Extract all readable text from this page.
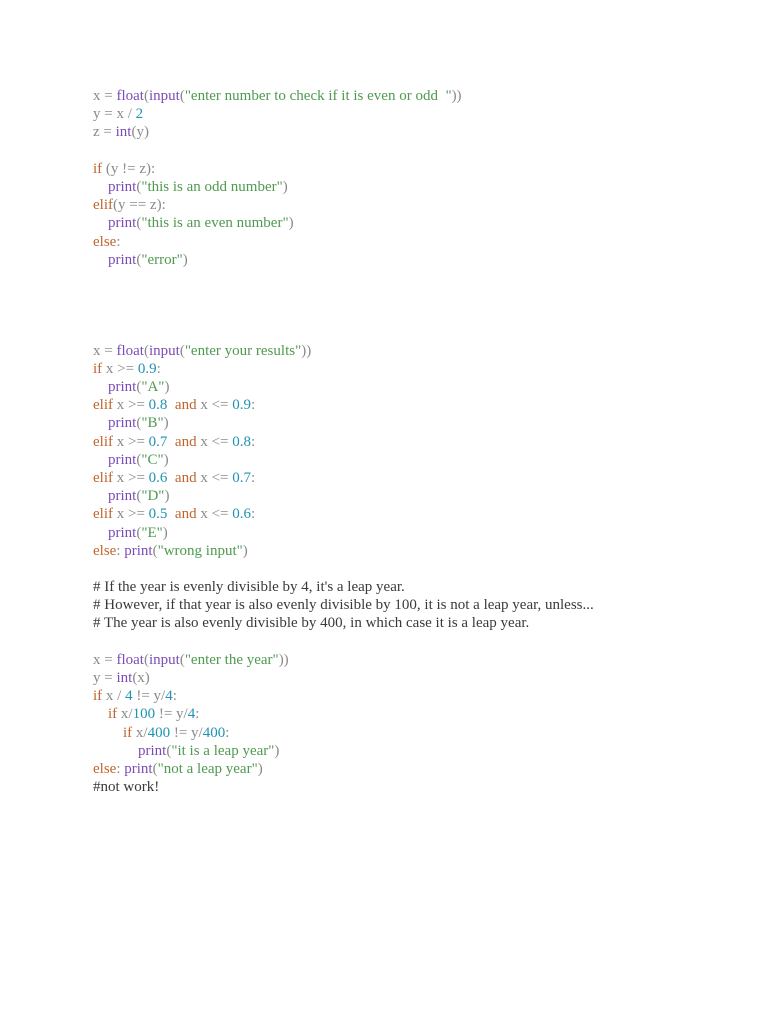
x = float(input("enter number to check if it is even or odd  "))
y = x / 2
z = int(y)
if (y != z):
print("this is an odd number")
elif(y == z):
print("this is an even number")
else:
print("error")
x = float(input("enter your results"))
if x >= 0.9:
print("A")
elif x >= 0.8 and x <= 0.9:
print("B")
elif x >= 0.7 and x <= 0.8:
print("C")
elif x >= 0.6 and x <= 0.7:
print("D")
elif x >= 0.5 and x <= 0.6:
print("E")
else: print("wrong input")
# If the year is evenly divisible by 4, it's a leap year.
# However, if that year is also evenly divisible by 100, it is not a leap year, unless...
# The year is also evenly divisible by 400, in which case it is a leap year.
x = float(input("enter the year"))
y = int(x)
if x / 4 != y/4:
if x/100 != y/4:
if x/400 != y/400:
print("it is a leap year")
else: print("not a leap year")
#not work!
